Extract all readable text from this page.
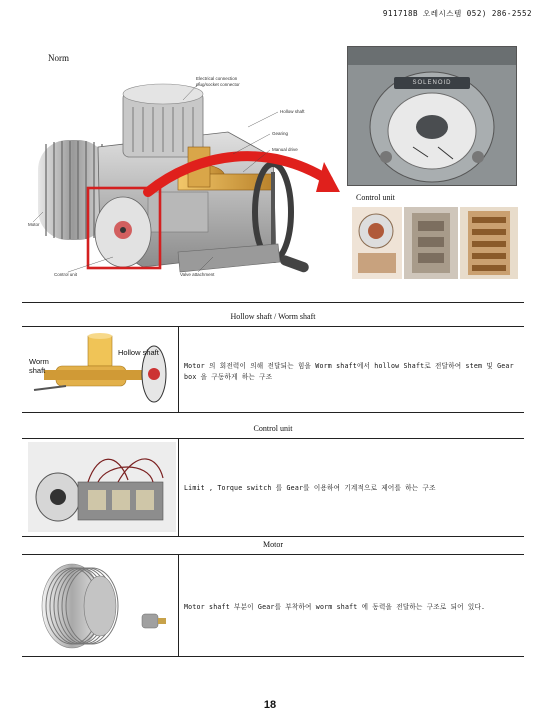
911718B 오레시스템 052) 286-2552
Norm
Electrical connection
plug/socket connector
Hollow shaft
Gearing
Manual drive
Motor
Control unit	Valve attachment
SOLENOID
Control unit
Hollow shaft / Worm shaft
Hollow shaft
Worm
shaft	Motor 의 회전력이 의해 전달되는 힘을 Worm shaft에서 hollow Shaft로 전달하여 stem 및 Gear box 을 구동하게 하는 구조
Control unit
Limit , Torque switch 를 Gear를 이용하여 기계적으로 제어를 하는 구조
Motor
Motor shaft 부분이 Gear를 부착하여 worm shaft 에 동력을 전달하는 구조로 되어 있다.
18
